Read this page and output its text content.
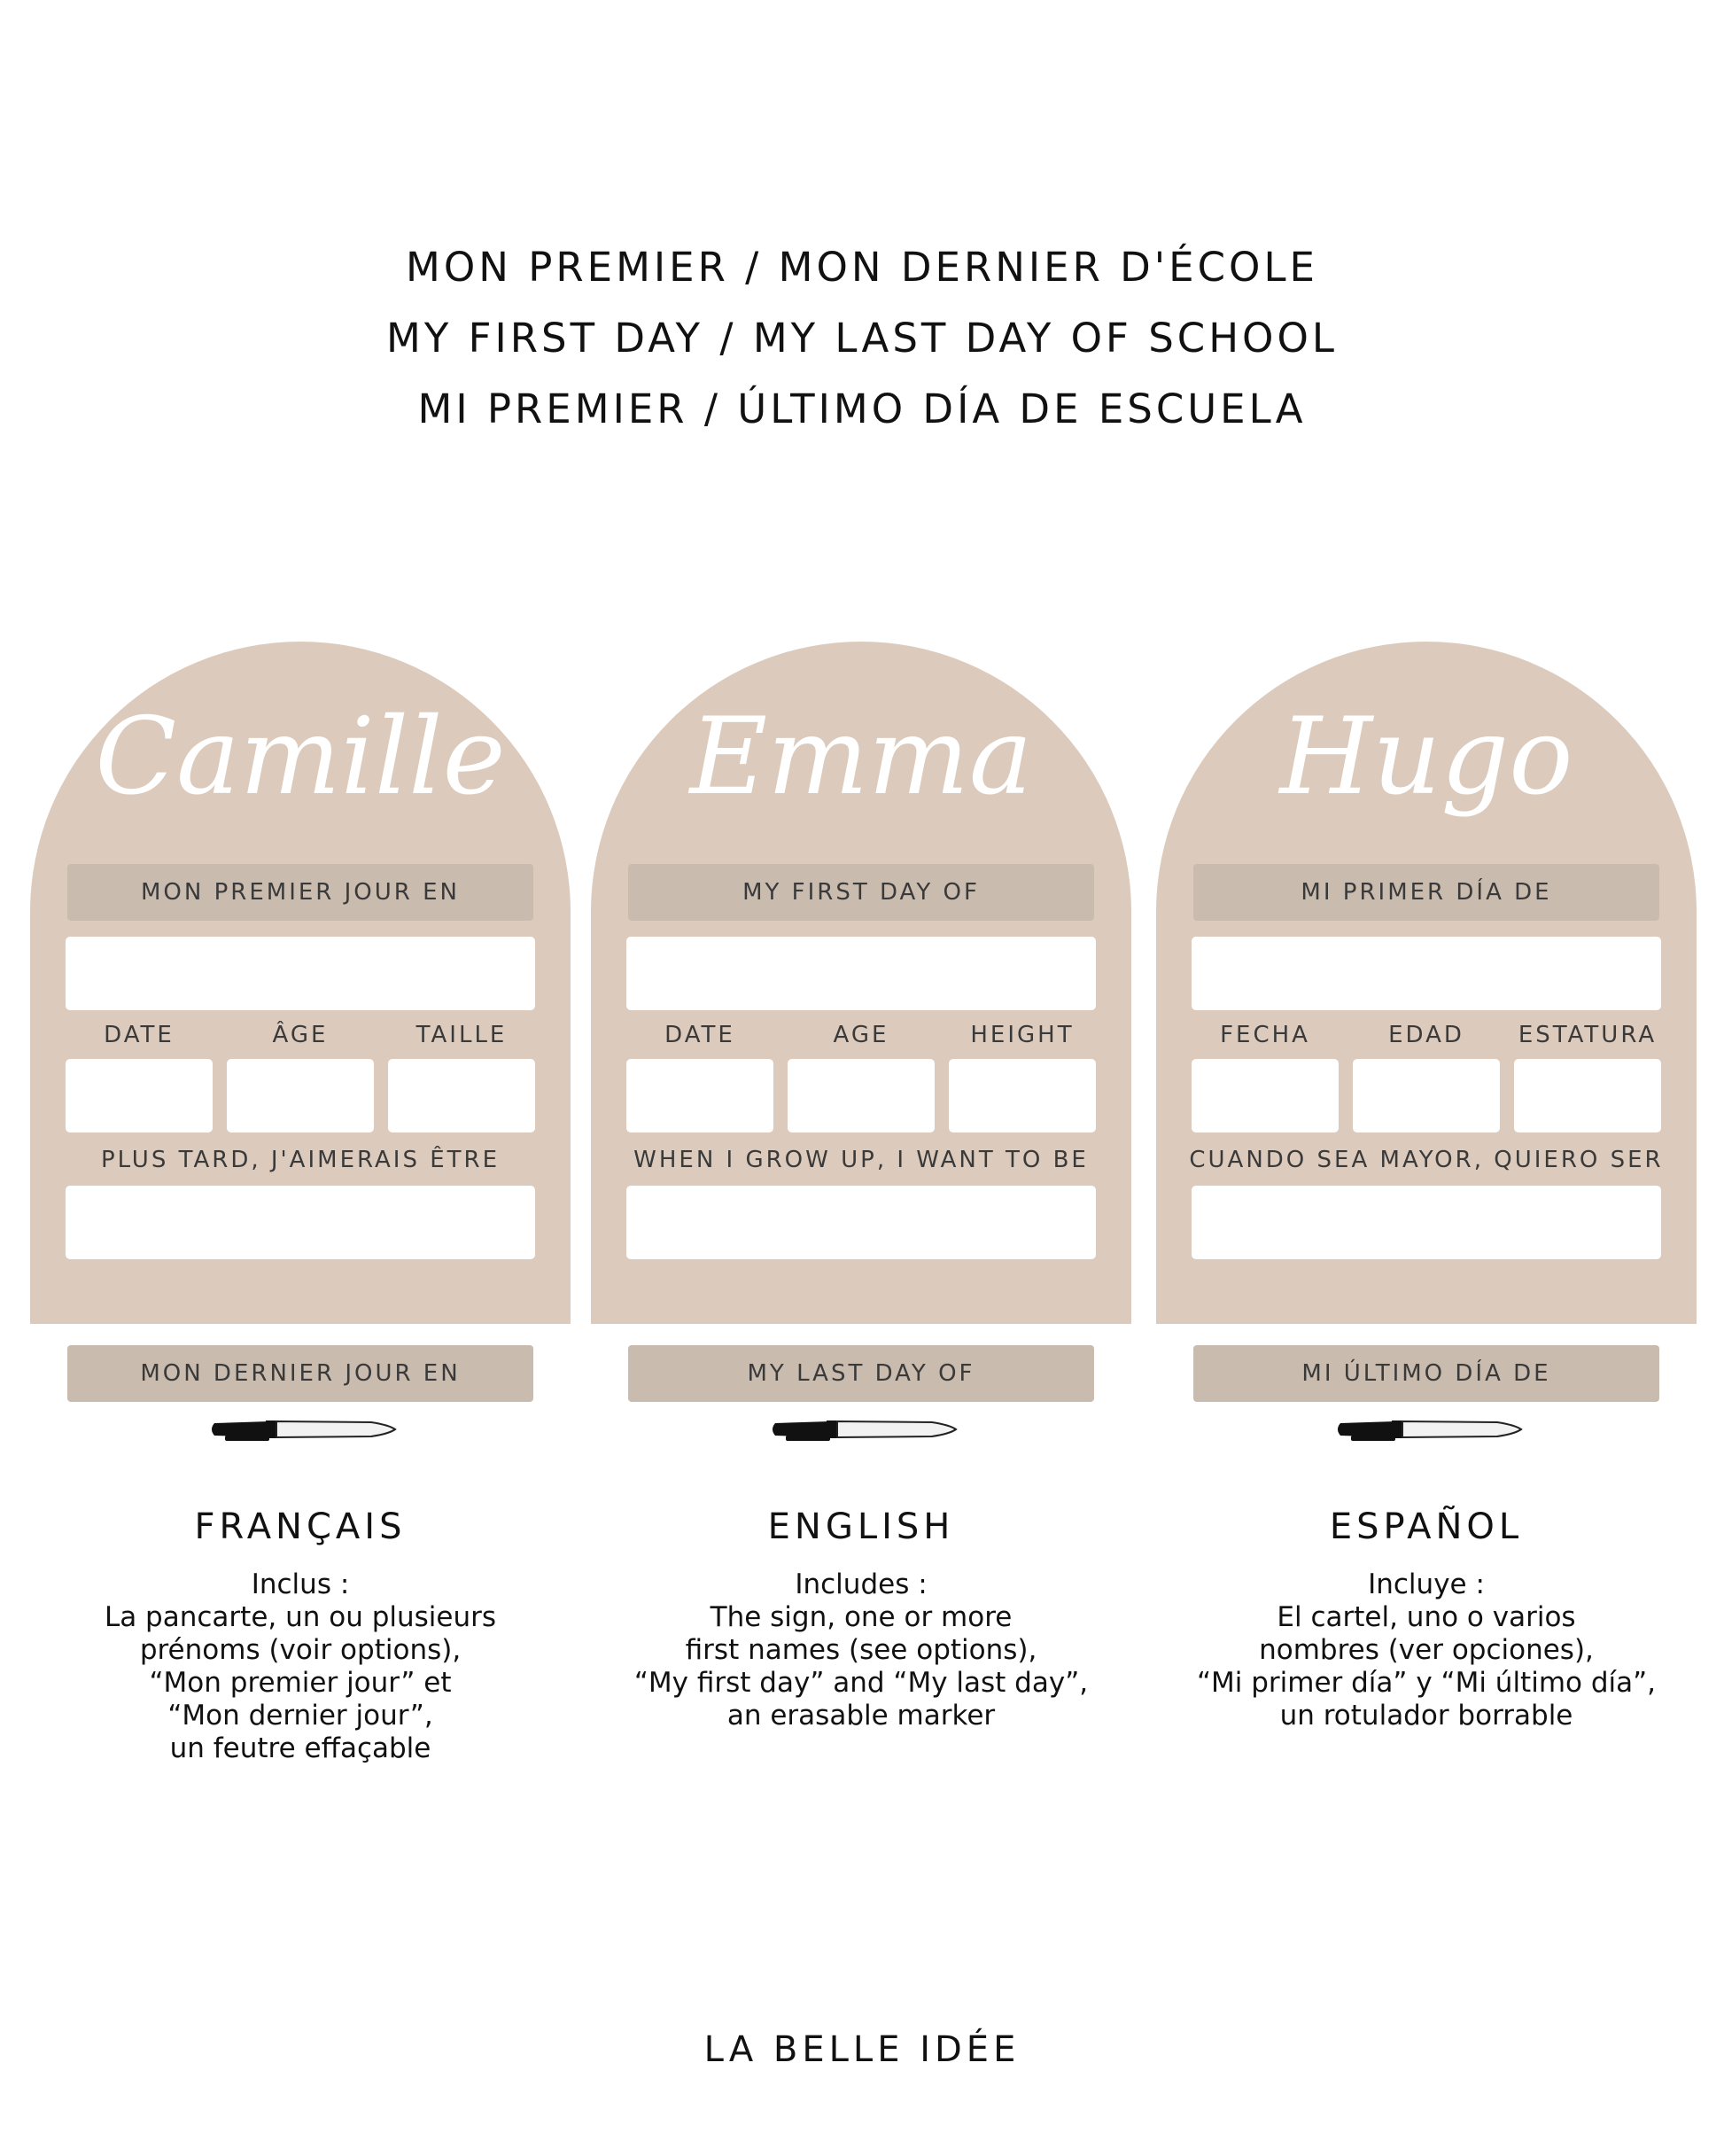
MON PREMIER / MON DERNIER D'ÉCOLE
MY FIRST DAY / MY LAST DAY OF SCHOOL
MI PREMIER / ÚLTIMO DÍA DE ESCUELA
Camille
MON PREMIER JOUR EN
DATE	ÂGE	TAILLE
PLUS TARD, J'AIMERAIS ÊTRE
MON DERNIER JOUR EN
FRANÇAIS
Inclus :
La pancarte, un ou plusieurs
prénoms (voir options),
“Mon premier jour” et
“Mon dernier jour”,
un feutre effaçable
Emma
MY FIRST DAY OF
DATE	AGE	HEIGHT
WHEN I GROW UP, I WANT TO BE
MY LAST DAY OF
ENGLISH
Includes :
The sign, one or more
first names (see options),
“My first day” and “My last day”,
an erasable marker
Hugo
MI PRIMER DÍA DE
FECHA	EDAD	ESTATURA
CUANDO SEA MAYOR, QUIERO SER
MI ÚLTIMO DÍA DE
ESPAÑOL
Incluye :
El cartel, uno o varios
nombres (ver opciones),
“Mi primer día” y “Mi último día”,
un rotulador borrable
LA BELLE IDÉE
